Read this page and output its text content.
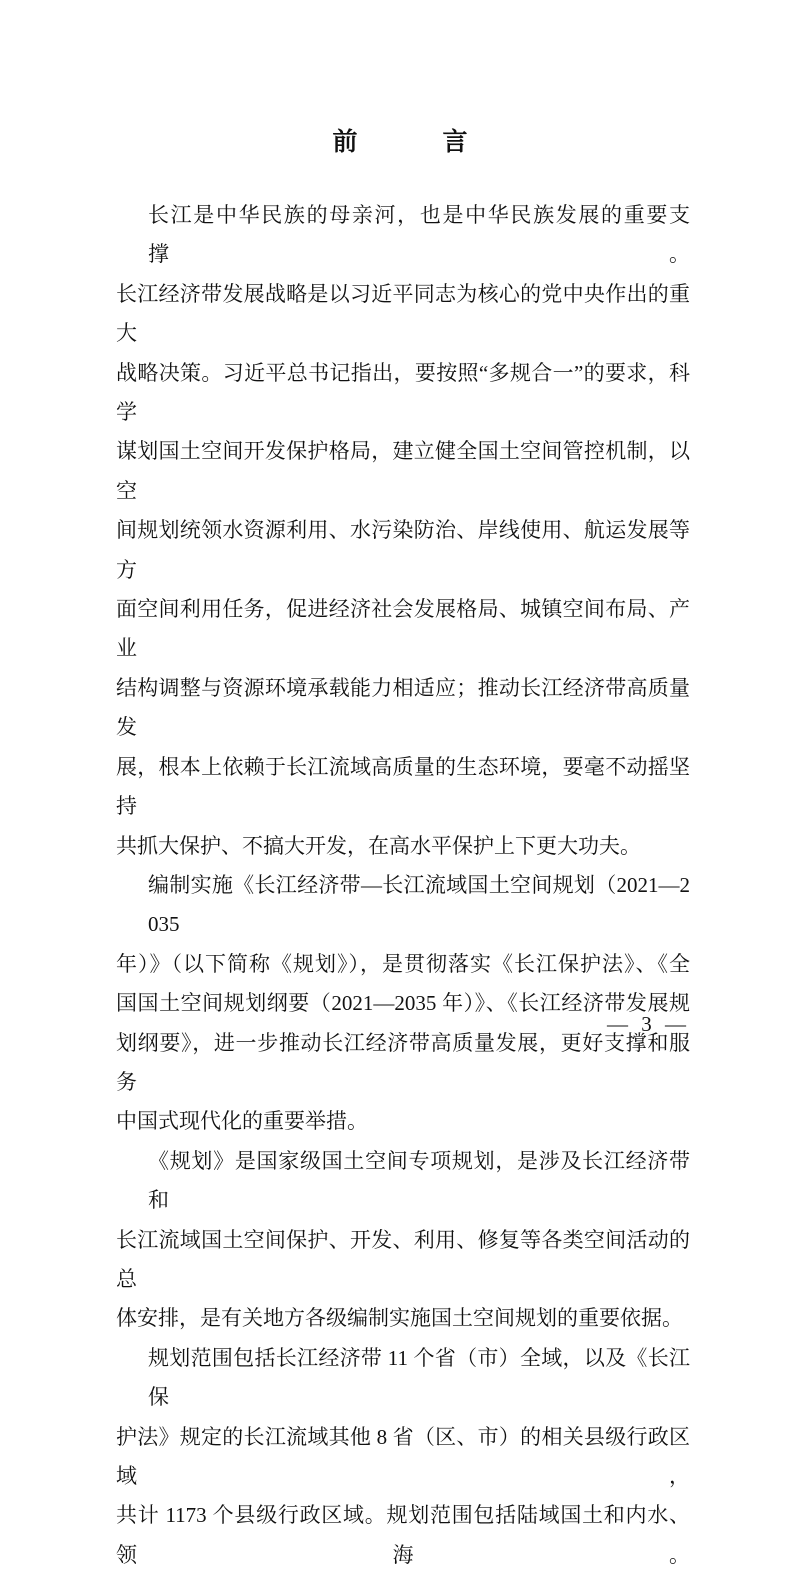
前　言
长江是中华民族的母亲河，也是中华民族发展的重要支撑。
长江经济带发展战略是以习近平同志为核心的党中央作出的重大
战略决策。习近平总书记指出，要按照“多规合一”的要求，科学
谋划国土空间开发保护格局，建立健全国土空间管控机制，以空
间规划统领水资源利用、水污染防治、岸线使用、航运发展等方
面空间利用任务，促进经济社会发展格局、城镇空间布局、产业
结构调整与资源环境承载能力相适应；推动长江经济带高质量发
展，根本上依赖于长江流域高质量的生态环境，要毫不动摇坚持
共抓大保护、不搞大开发，在高水平保护上下更大功夫。
编制实施《长江经济带—长江流域国土空间规划（2021—2035
年）》（以下简称《规划》），是贯彻落实《长江保护法》、《全
国国土空间规划纲要（2021—2035 年）》、《长江经济带发展规
划纲要》，进一步推动长江经济带高质量发展，更好支撑和服务
中国式现代化的重要举措。
《规划》是国家级国土空间专项规划，是涉及长江经济带和
长江流域国土空间保护、开发、利用、修复等各类空间活动的总
体安排，是有关地方各级编制实施国土空间规划的重要依据。
规划范围包括长江经济带 11 个省（市）全域，以及《长江保
护法》规定的长江流域其他 8 省（区、市）的相关县级行政区域，
共计 1173 个县级行政区域。规划范围包括陆域国土和内水、领海。
— 3 —
